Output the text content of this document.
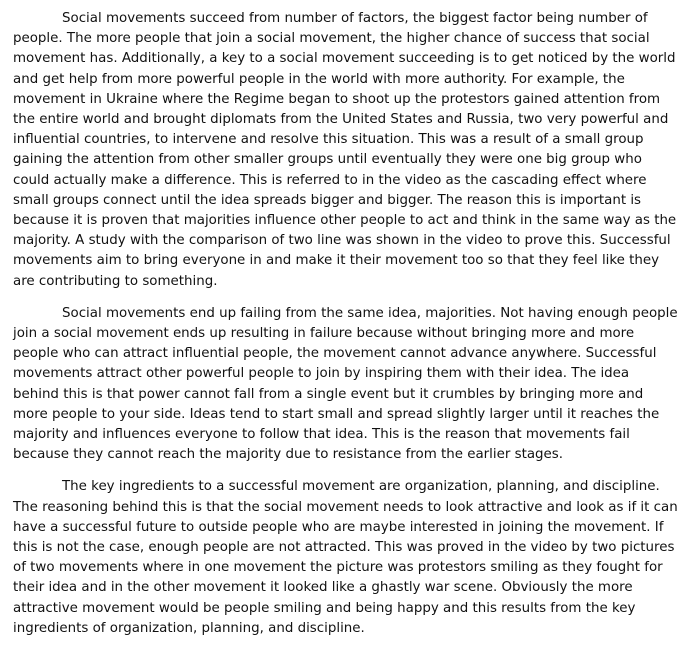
Social movements succeed from number of factors, the biggest factor being number of people. The more people that join a social movement, the higher chance of success that social movement has. Additionally, a key to a social movement succeeding is to get noticed by the world and get help from more powerful people in the world with more authority. For example, the movement in Ukraine where the Regime began to shoot up the protestors gained attention from the entire world and brought diplomats from the United States and Russia, two very powerful and influential countries, to intervene and resolve this situation. This was a result of a small group gaining the attention from other smaller groups until eventually they were one big group who could actually make a difference. This is referred to in the video as the cascading effect where small groups connect until the idea spreads bigger and bigger. The reason this is important is because it is proven that majorities influence other people to act and think in the same way as the majority. A study with the comparison of two line was shown in the video to prove this. Successful movements aim to bring everyone in and make it their movement too so that they feel like they are contributing to something.

Social movements end up failing from the same idea, majorities. Not having enough people join a social movement ends up resulting in failure because without bringing more and more people who can attract influential people, the movement cannot advance anywhere. Successful movements attract other powerful people to join by inspiring them with their idea. The idea behind this is that power cannot fall from a single event but it crumbles by bringing more and more people to your side. Ideas tend to start small and spread slightly larger until it reaches the majority and influences everyone to follow that idea. This is the reason that movements fail because they cannot reach the majority due to resistance from the earlier stages.

The key ingredients to a successful movement are organization, planning, and discipline. The reasoning behind this is that the social movement needs to look attractive and look as if it can have a successful future to outside people who are maybe interested in joining the movement. If this is not the case, enough people are not attracted. This was proved in the video by two pictures of two movements where in one movement the picture was protestors smiling as they fought for their idea and in the other movement it looked like a ghastly war scene. Obviously the more attractive movement would be people smiling and being happy and this results from the key ingredients of organization, planning, and discipline.
